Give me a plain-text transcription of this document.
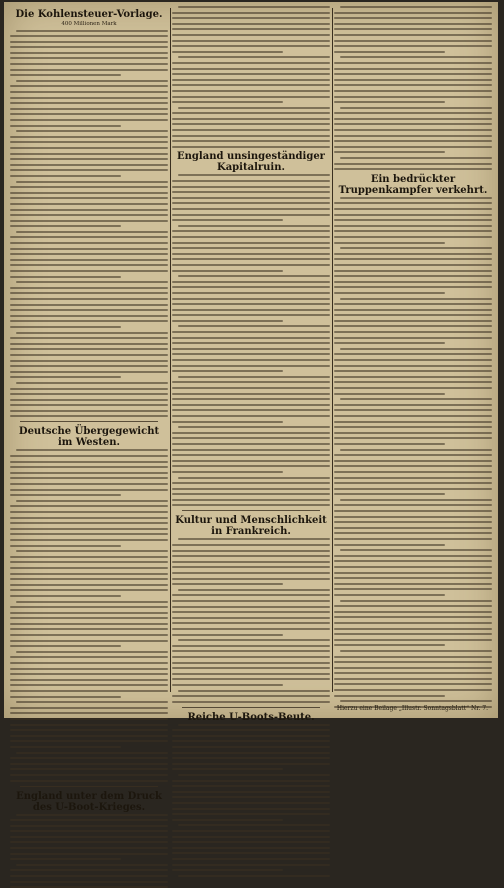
Die Kohlensteuer-Vorlage.
400 Millionen Mark
Deutsche Übergegewicht im Westen.
England unter dem Druck des U-Boot-Krieges.
England unsingeständiger Kapitalruin.
Kultur und Menschlichkeit in Frankreich.
Reiche U-Boots-Beute.
Ein bedrückter Truppenkampfer verkehrt.
Hierzu eine Beilage „Illustr. Sonntagsblatt“ Nr. 7.
